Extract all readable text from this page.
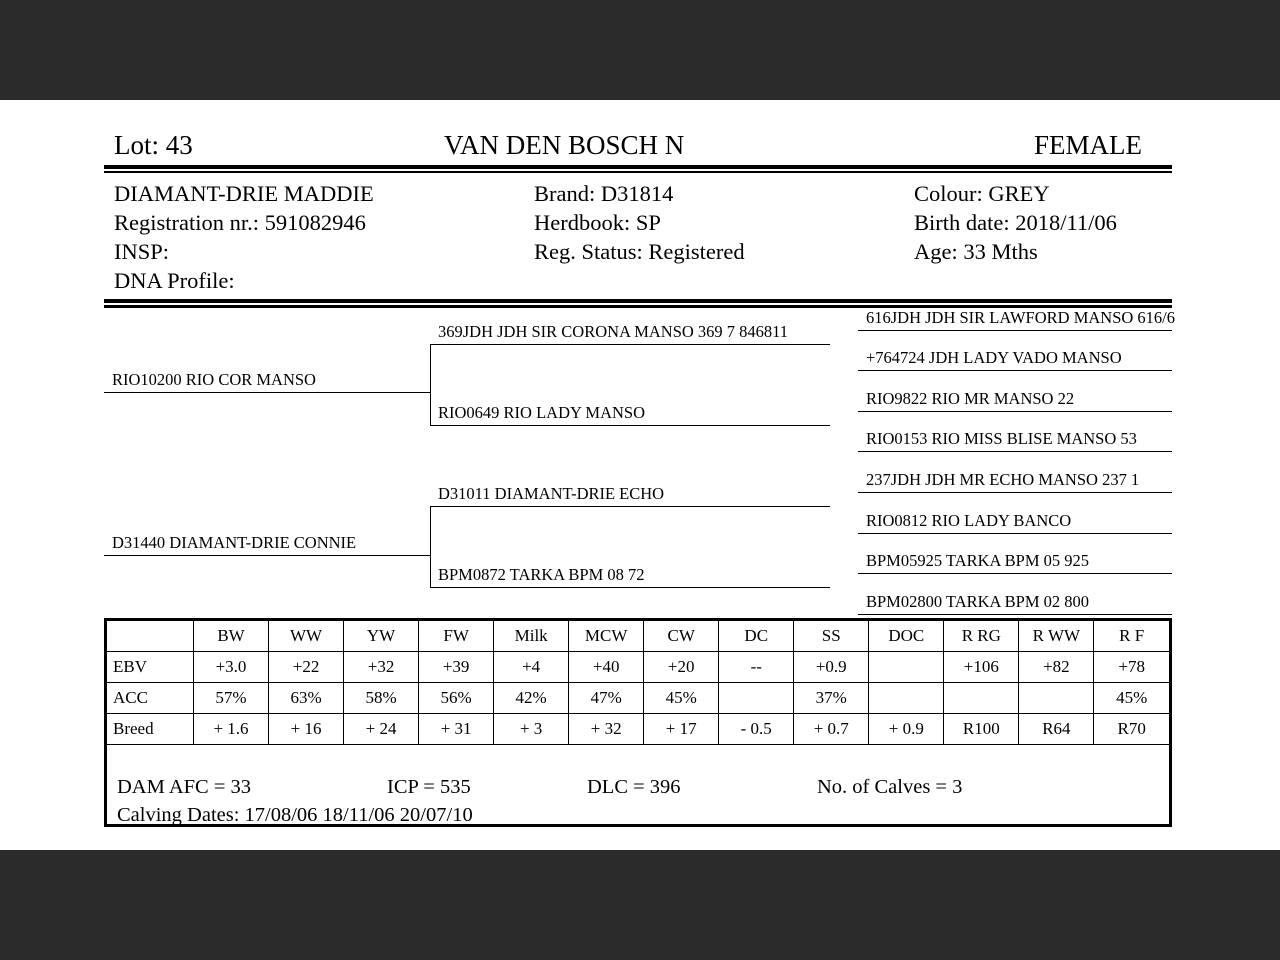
Lot: 43	VAN DEN BOSCH N	FEMALE
DIAMANT-DRIE MADDIE	Brand: D31814	Colour: GREY
Registration nr.: 591082946	Herdbook: SP	Birth date: 2018/11/06
INSP:	Reg. Status: Registered	Age: 33 Mths
DNA Profile:
RIO10200 RIO COR MANSO
D31440 DIAMANT-DRIE CONNIE
369JDH JDH SIR CORONA MANSO 369 7 846811
RIO0649 RIO LADY MANSO
D31011 DIAMANT-DRIE ECHO
BPM0872 TARKA BPM 08 72
616JDH JDH SIR LAWFORD MANSO 616/6
+764724 JDH LADY VADO MANSO
RIO9822 RIO MR MANSO 22
RIO0153 RIO MISS BLISE MANSO 53
237JDH JDH MR ECHO MANSO 237 1
RIO0812 RIO LADY BANCO
BPM05925 TARKA BPM 05 925
BPM02800 TARKA BPM 02 800
	BW	WW	YW	FW	Milk	MCW	CW	DC	SS	DOC	R RG	R WW	R F
EBV	+3.0	+22	+32	+39	+4	+40	+20	--	+0.9		+106	+82	+78
ACC	57%	63%	58%	56%	42%	47%	45%		37%				45%
Breed	+ 1.6	+ 16	+ 24	+ 31	+ 3	+ 32	+ 17	- 0.5	+ 0.7	+ 0.9	R100	R64	R70
DAM AFC = 33	ICP = 535	DLC = 396	No. of Calves = 3
Calving Dates: 17/08/06 18/11/06 20/07/10
